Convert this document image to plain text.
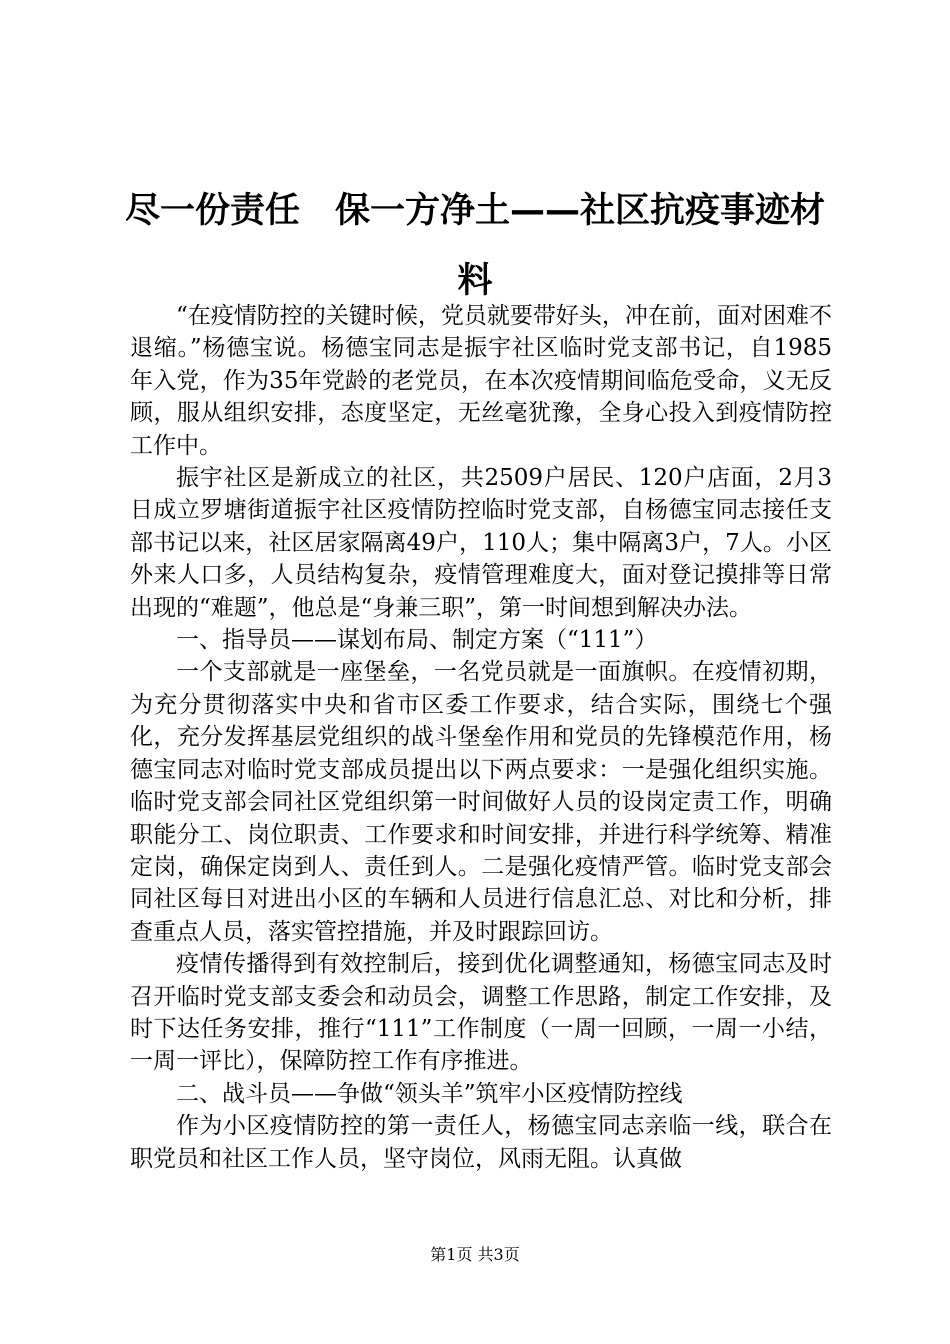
尽一份责任　保一方净土——社区抗疫事迹材料

“在疫情防控的关键时候，党员就要带好头，冲在前，面对困难不退缩。”杨德宝说。杨德宝同志是振宇社区临时党支部书记，自1985年入党，作为35年党龄的老党员，在本次疫情期间临危受命，义无反顾，服从组织安排，态度坚定，无丝毫犹豫，全身心投入到疫情防控工作中。

振宇社区是新成立的社区，共2509户居民、120户店面，2月3日成立罗塘街道振宇社区疫情防控临时党支部，自杨德宝同志接任支部书记以来，社区居家隔离49户，110人；集中隔离3户，7人。小区外来人口多，人员结构复杂，疫情管理难度大，面对登记摸排等日常出现的“难题”，他总是“身兼三职”，第一时间想到解决办法。

一、指导员——谋划布局、制定方案（“111”）

一个支部就是一座堡垒，一名党员就是一面旗帜。在疫情初期，为充分贯彻落实中央和省市区委工作要求，结合实际，围绕七个强化，充分发挥基层党组织的战斗堡垒作用和党员的先锋模范作用，杨德宝同志对临时党支部成员提出以下两点要求：一是强化组织实施。临时党支部会同社区党组织第一时间做好人员的设岗定责工作，明确职能分工、岗位职责、工作要求和时间安排，并进行科学统筹、精准定岗，确保定岗到人、责任到人。二是强化疫情严管。临时党支部会同社区每日对进出小区的车辆和人员进行信息汇总、对比和分析，排查重点人员，落实管控措施，并及时跟踪回访。

疫情传播得到有效控制后，接到优化调整通知，杨德宝同志及时召开临时党支部支委会和动员会，调整工作思路，制定工作安排，及时下达任务安排，推行“111”工作制度（一周一回顾，一周一小结，一周一评比），保障防控工作有序推进。

二、战斗员——争做“领头羊”筑牢小区疫情防控线

作为小区疫情防控的第一责任人，杨德宝同志亲临一线，联合在职党员和社区工作人员，坚守岗位，风雨无阻。认真做

第1页 共3页
